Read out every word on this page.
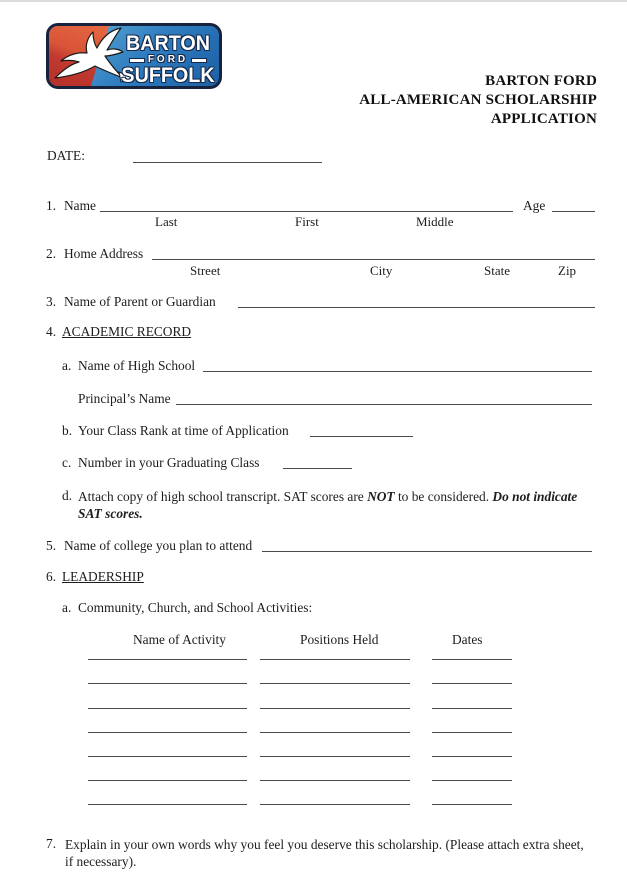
BARTON
FORD
SUFFOLK	BARTON FORD
ALL-AMERICAN SCHOLARSHIP
APPLICATION
DATE:
1. Name	Age
Last	First	Middle
2. Home Address
Street	City	State	Zip
3. Name of Parent or Guardian
4. ACADEMIC RECORD
a. Name of High School
Principal’s Name
b. Your Class Rank at time of Application
c. Number in your Graduating Class
d. Attach copy of high school transcript. SAT scores are NOT to be considered. Do not indicate SAT scores.
5. Name of college you plan to attend
6. LEADERSHIP
a. Community, Church, and School Activities:
Name of Activity	Positions Held	Dates
7. Explain in your own words why you feel you deserve this scholarship. (Please attach extra sheet, if necessary).
